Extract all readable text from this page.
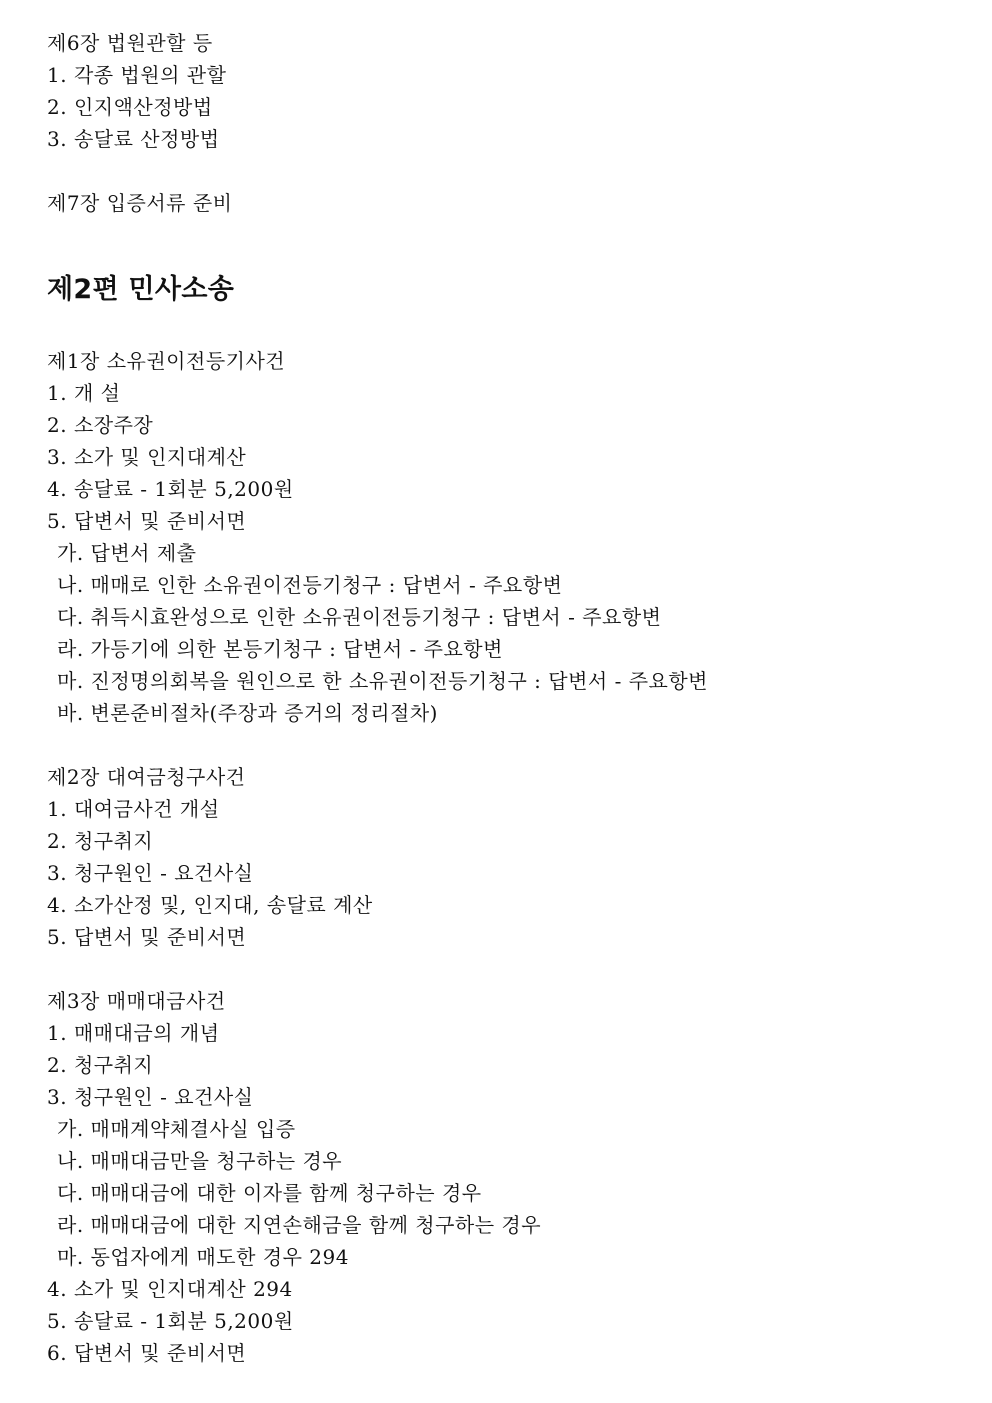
제6장 법원관할 등
1. 각종 법원의 관할
2. 인지액산정방법
3. 송달료 산정방법
제7장 입증서류 준비
제2편 민사소송
제1장 소유권이전등기사건
1. 개 설
2. 소장주장
3. 소가 및 인지대계산
4. 송달료 - 1회분 5,200원
5. 답변서 및 준비서면
가. 답변서 제출
나. 매매로 인한 소유권이전등기청구 : 답변서 - 주요항변
다. 취득시효완성으로 인한 소유권이전등기청구 : 답변서 - 주요항변
라. 가등기에 의한 본등기청구 : 답변서 - 주요항변
마. 진정명의회복을 원인으로 한 소유권이전등기청구 : 답변서 - 주요항변
바. 변론준비절차(주장과 증거의 정리절차)
제2장 대여금청구사건
1. 대여금사건 개설
2. 청구취지
3. 청구원인 - 요건사실
4. 소가산정 및, 인지대, 송달료 계산
5. 답변서 및 준비서면
제3장 매매대금사건
1. 매매대금의 개념
2. 청구취지
3. 청구원인 - 요건사실
가. 매매계약체결사실 입증
나. 매매대금만을 청구하는 경우
다. 매매대금에 대한 이자를 함께 청구하는 경우
라. 매매대금에 대한 지연손해금을 함께 청구하는 경우
마. 동업자에게 매도한 경우 294
4. 소가 및 인지대계산 294
5. 송달료 - 1회분 5,200원
6. 답변서 및 준비서면
